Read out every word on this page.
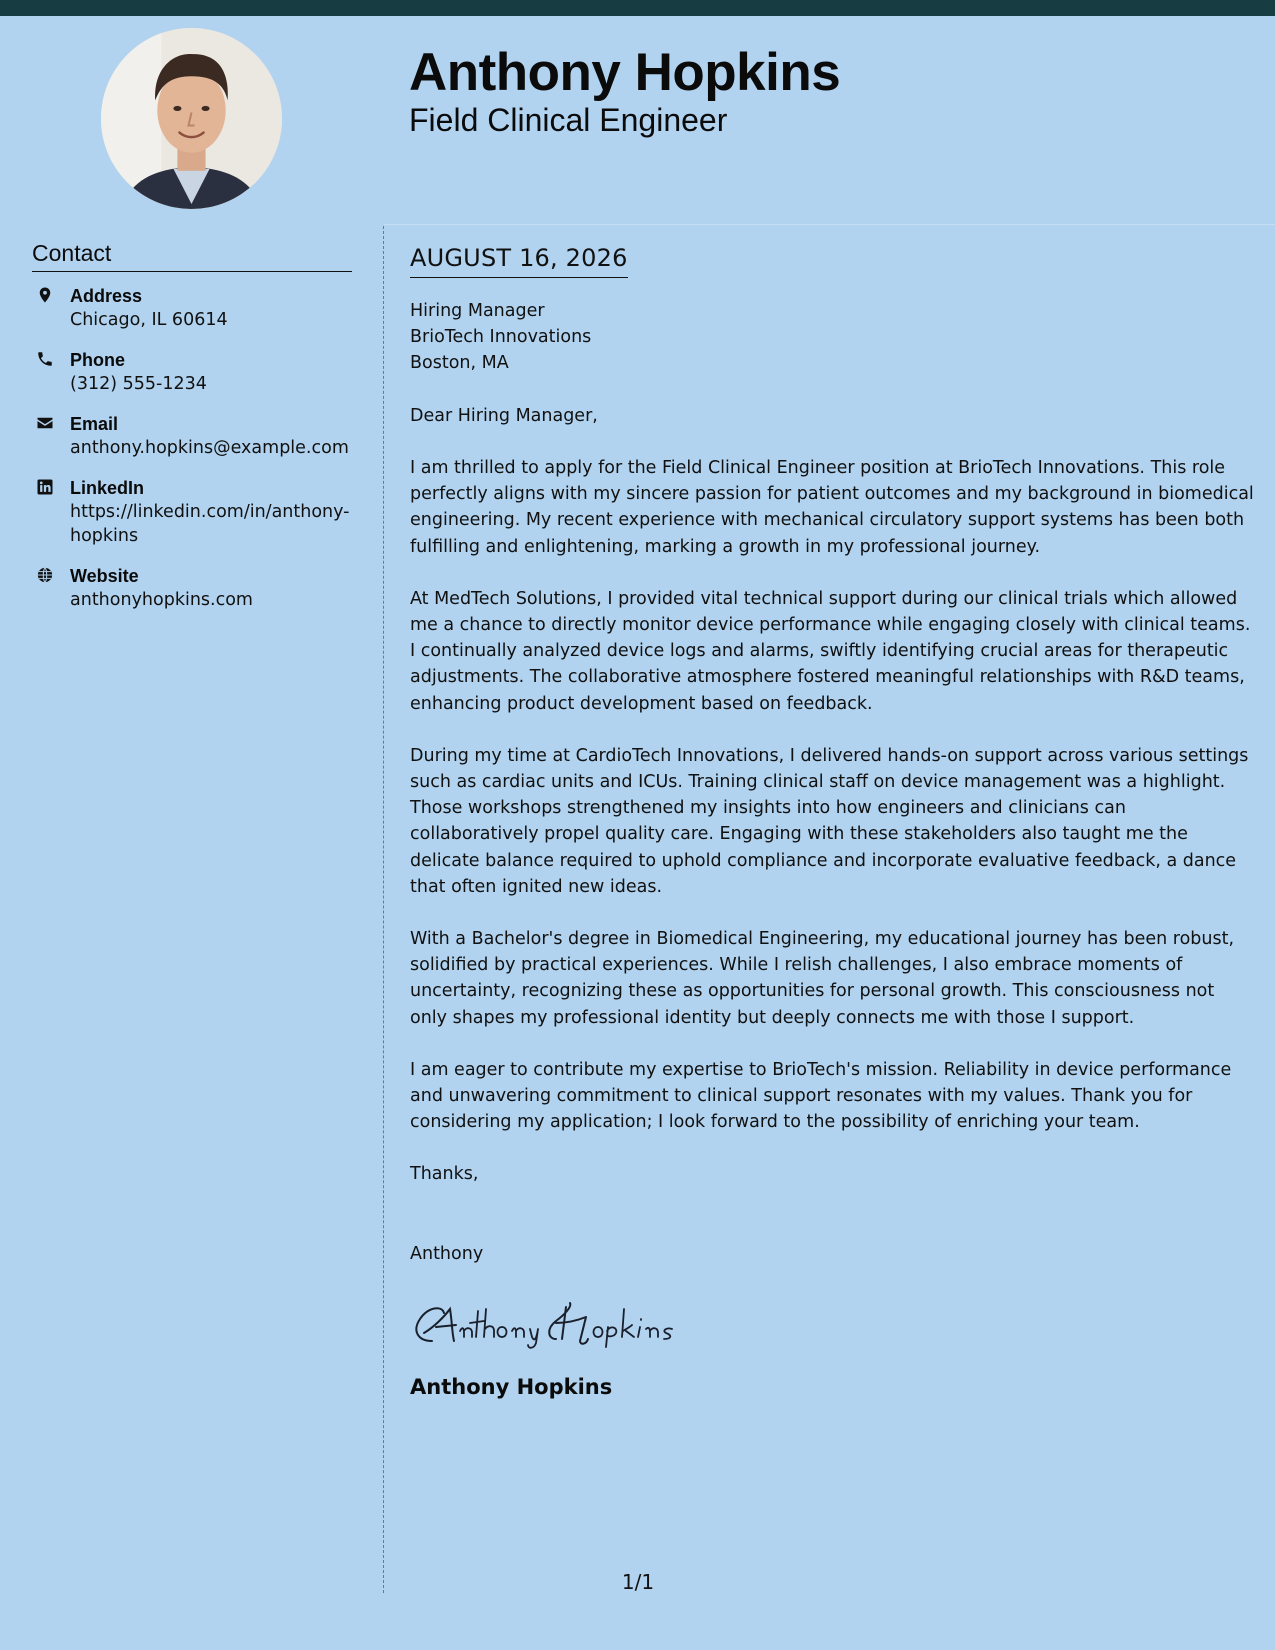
Anthony Hopkins
Field Clinical Engineer
Contact
Address
Chicago, IL 60614
Phone
(312) 555-1234
Email
anthony.hopkins@example.com
LinkedIn
https://linkedin.com/in/anthony-hopkins
Website
anthonyhopkins.com
AUGUST 16, 2026
Hiring Manager
BrioTech Innovations
Boston, MA
Dear Hiring Manager,
I am thrilled to apply for the Field Clinical Engineer position at BrioTech Innovations. This role perfectly aligns with my sincere passion for patient outcomes and my background in biomedical engineering. My recent experience with mechanical circulatory support systems has been both fulfilling and enlightening, marking a growth in my professional journey.
At MedTech Solutions, I provided vital technical support during our clinical trials which allowed me a chance to directly monitor device performance while engaging closely with clinical teams. I continually analyzed device logs and alarms, swiftly identifying crucial areas for therapeutic adjustments. The collaborative atmosphere fostered meaningful relationships with R&D teams, enhancing product development based on feedback.
During my time at CardioTech Innovations, I delivered hands-on support across various settings such as cardiac units and ICUs. Training clinical staff on device management was a highlight. Those workshops strengthened my insights into how engineers and clinicians can collaboratively propel quality care. Engaging with these stakeholders also taught me the delicate balance required to uphold compliance and incorporate evaluative feedback, a dance that often ignited new ideas.
With a Bachelor's degree in Biomedical Engineering, my educational journey has been robust, solidified by practical experiences. While I relish challenges, I also embrace moments of uncertainty, recognizing these as opportunities for personal growth. This consciousness not only shapes my professional identity but deeply connects me with those I support.
I am eager to contribute my expertise to BrioTech's mission. Reliability in device performance and unwavering commitment to clinical support resonates with my values. Thank you for considering my application; I look forward to the possibility of enriching your team.
Thanks,
Anthony
Anthony Hopkins
1/1
